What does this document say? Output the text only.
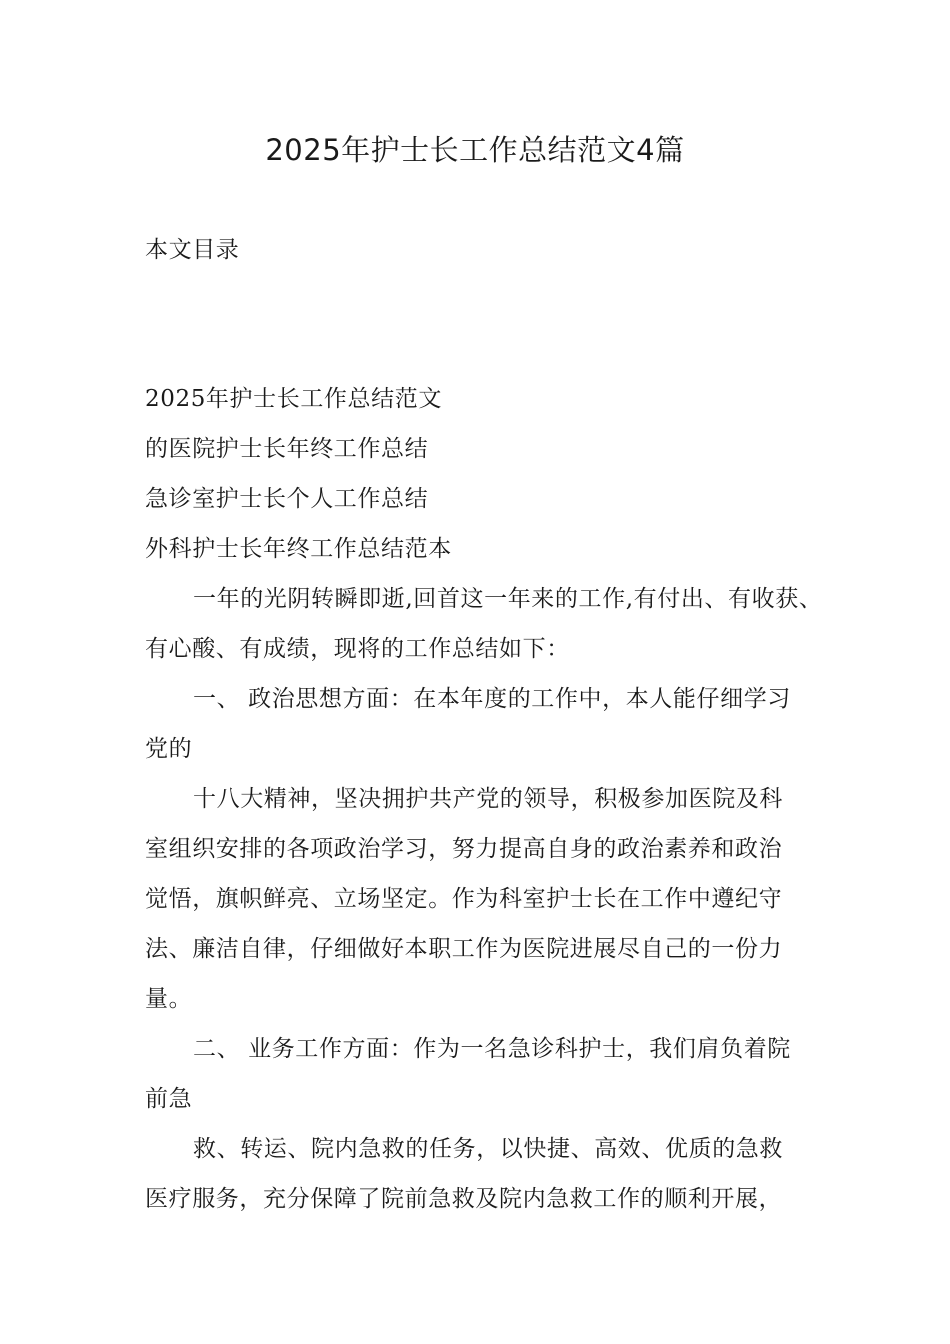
2025年护士长工作总结范文4篇
本文目录
2025年护士长工作总结范文
的医院护士长年终工作总结
急诊室护士长个人工作总结
外科护士长年终工作总结范本
一年的光阴转瞬即逝,回首这一年来的工作,有付出、有收获、
有心酸、有成绩，现将的工作总结如下：
一、 政治思想方面：在本年度的工作中，本人能仔细学习
党的
十八大精神，坚决拥护共产党的领导，积极参加医院及科
室组织安排的各项政治学习，努力提高自身的政治素养和政治
觉悟，旗帜鲜亮、立场坚定。作为科室护士长在工作中遵纪守
法、廉洁自律，仔细做好本职工作为医院进展尽自己的一份力
量。
二、 业务工作方面：作为一名急诊科护士，我们肩负着院
前急
救、转运、院内急救的任务，以快捷、高效、优质的急救
医疗服务，充分保障了院前急救及院内急救工作的顺利开展，
